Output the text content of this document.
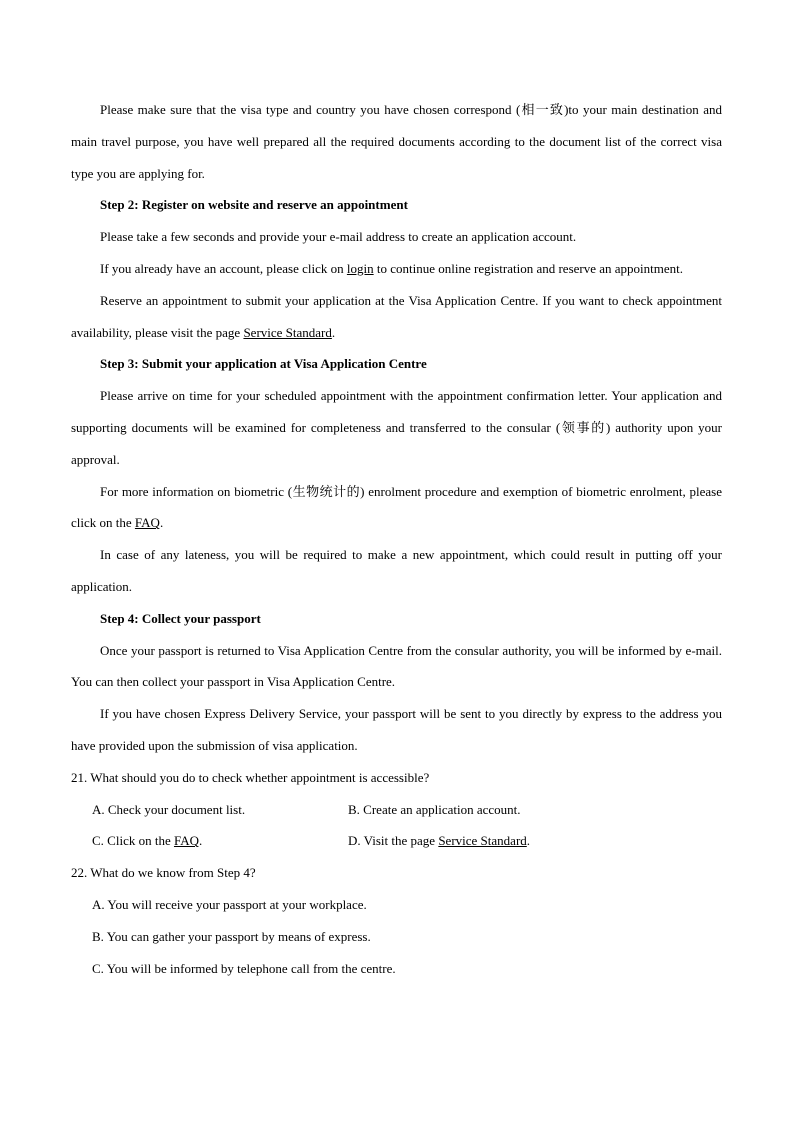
Please make sure that the visa type and country you have chosen correspond (相一致)to your main destination and main travel purpose, you have well prepared all the required documents according to the document list of the correct visa type you are applying for.

Step 2: Register on website and reserve an appointment

Please take a few seconds and provide your e-mail address to create an application account.

If you already have an account, please click on login to continue online registration and reserve an appointment.

Reserve an appointment to submit your application at the Visa Application Centre. If you want to check appointment availability, please visit the page Service Standard.

Step 3: Submit your application at Visa Application Centre

Please arrive on time for your scheduled appointment with the appointment confirmation letter. Your application and supporting documents will be examined for completeness and transferred to the consular (领事的) authority upon your approval.

For more information on biometric (生物统计的) enrolment procedure and exemption of biometric enrolment, please click on the FAQ.

In case of any lateness, you will be required to make a new appointment, which could result in putting off your application.

Step 4: Collect your passport

Once your passport is returned to Visa Application Centre from the consular authority, you will be informed by e-mail. You can then collect your passport in Visa Application Centre.

If you have chosen Express Delivery Service, your passport will be sent to you directly by express to the address you have provided upon the submission of visa application.

21. What should you do to check whether appointment is accessible?

A. Check your document list.	B. Create an application account.
C. Click on the FAQ.	D. Visit the page Service Standard.

22. What do we know from Step 4?

A. You will receive your passport at your workplace.

B. You can gather your passport by means of express.

C. You will be informed by telephone call from the centre.
